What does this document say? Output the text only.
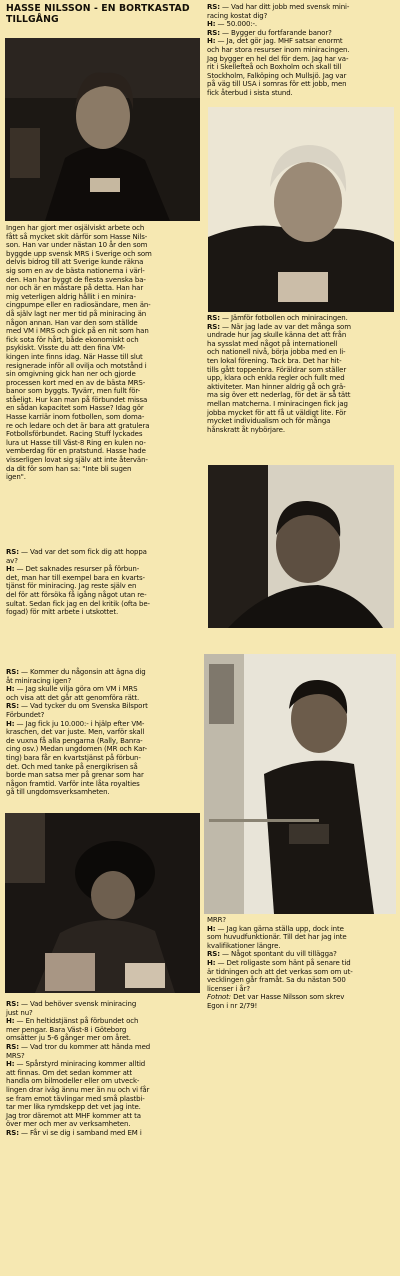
HASSE NILSSON - EN BORTKASTAD TILLGÅNG

Ingen har gjort mer osjälviskt arbete och

fått så mycket skit därför som Hasse Nils-

son. Han var under nästan 10 år den som

byggde upp svensk MRS i Sverige och som

delvis bidrog till att Sverige kunde räkna

sig som en av de bästa nationerna i värl-

den. Han har byggt de flesta svenska ba-

nor och är en mästare på detta. Han har

mig veterligen aldrig hållit i en minira-

cingpumpe eller en radiosändare, men än-

då själv lagt ner mer tid på miniracing än

någon annan. Han var den som ställde

med VM i MRS och gick på en nit som han

fick sota för hårt, både ekonomiskt och

psykiskt. Visste du att den fina VM-

kingen inte finns idag. När Hasse till slut

resignerade inför all ovilja och motstånd i

sin omgivning gick han ner och gjorde

processen kort med en av de bästa MRS-

banor som byggts. Tyvärr, men fullt för-

ståeligt. Hur kan man på förbundet missa

en sådan kapacitet som Hasse? Idag gör

Hasse karriär inom fotbollen, som doma-

re och ledare och det är bara att gratulera

Fotbollsförbundet. Racing Stuff lyckades

lura ut Hasse till Väst-8 Ring en kulen no-

vemberdag för en pratstund. Hasse hade

visserligen lovat sig själv att inte återvän-

da dit för som han sa: "Inte bli sugen

igen".

RS: — Vad var det som fick dig att hoppa

av?

H: — Det saknades resurser på förbun-

det, man har till exempel bara en kvarts-

tjänst för miniracing. Jag reste själv en

del för att försöka få igång något utan re-

sultat. Sedan fick jag en del kritik (ofta be-

fogad) för mitt arbete i utskottet.

RS: — Kommer du någonsin att ägna dig

åt miniracing igen?

H: — Jag skulle vilja göra om VM i MRS

och visa att det går att genomföra rätt.

RS: — Vad tycker du om Svenska Bilsport

Förbundet?

H: — Jag fick ju 10.000:- i hjälp efter VM-

kraschen, det var juste. Men, varför skall

de vuxna få alla pengarna (Rally, Banra-

cing osv.) Medan ungdomen (MR och Kar-

ting) bara får en kvartstjänst på förbun-

det. Och med tanke på energikrisen så

borde man satsa mer på grenar som har

någon framtid. Varför inte låta royalties

gå till ungdomsverksamheten.

RS: — Vad behöver svensk miniracing

just nu?

H: — En heltidstjänst på förbundet och

mer pengar. Bara Väst-8 i Göteborg

omsätter ju 5-6 gånger mer om året.

RS: — Vad tror du kommer att hända med

MRS?

H: — Spårstyrd miniracing kommer alltid

att finnas. Om det sedan kommer att

handla om bilmodeller eller om utveck-

lingen drar iväg ännu mer än nu och vi får

se fram emot tävlingar med små plastbi-

tar mer lika rymdskepp det vet jag inte.

Jag tror däremot att MHF kommer att ta

över mer och mer av verksamheten.

RS: — Får vi se dig i samband med EM i

RS: — Vad har ditt jobb med svensk mini-

racing kostat dig?

H: — 50.000:-.

RS: — Bygger du fortfarande banor?

H: — Ja, det gör jag. MHF satsar enormt

och har stora resurser inom miniracingen.

Jag bygger en hel del för dem. Jag har va-

rit i Skellefteå och Boxholm och skall till

Stockholm, Falköping och Mullsjö. Jag var

på väg till USA i somras för ett jobb, men

fick återbud i sista stund.

RS: — Jämför fotbollen och miniracingen.

RS: — När jag lade av var det många som

undrade hur jag skulle känna det att från

ha sysslat med något på internationell

och nationell nivå, börja jobba med en li-

ten lokal förening. Tack bra. Det har hit-

tills gått toppenbra. Föräldrar som ställer

upp, klara och enkla regler och fullt med

aktiviteter. Man hinner aldrig gå och grä-

ma sig över ett nederlag, för det är så tätt

mellan matcherna. I miniracingen fick jag

jobba mycket för att få ut väldigt lite. För

mycket individualism och för många

hånskratt åt nybörjare.

MRR?

H: — Jag kan gärna ställa upp, dock inte

som huvudfunktionär. Till det har jag inte

kvalifikationer längre.

RS: — Något spontant du vill tillägga?

H: — Det roligaste som hänt på senare tid

är tidningen och att det verkas som om ut-

vecklingen går framåt. Sa du nästan 500

licenser i år?

Fotnot: Det var Hasse Nilsson som skrev

Egon i nr 2/79!
